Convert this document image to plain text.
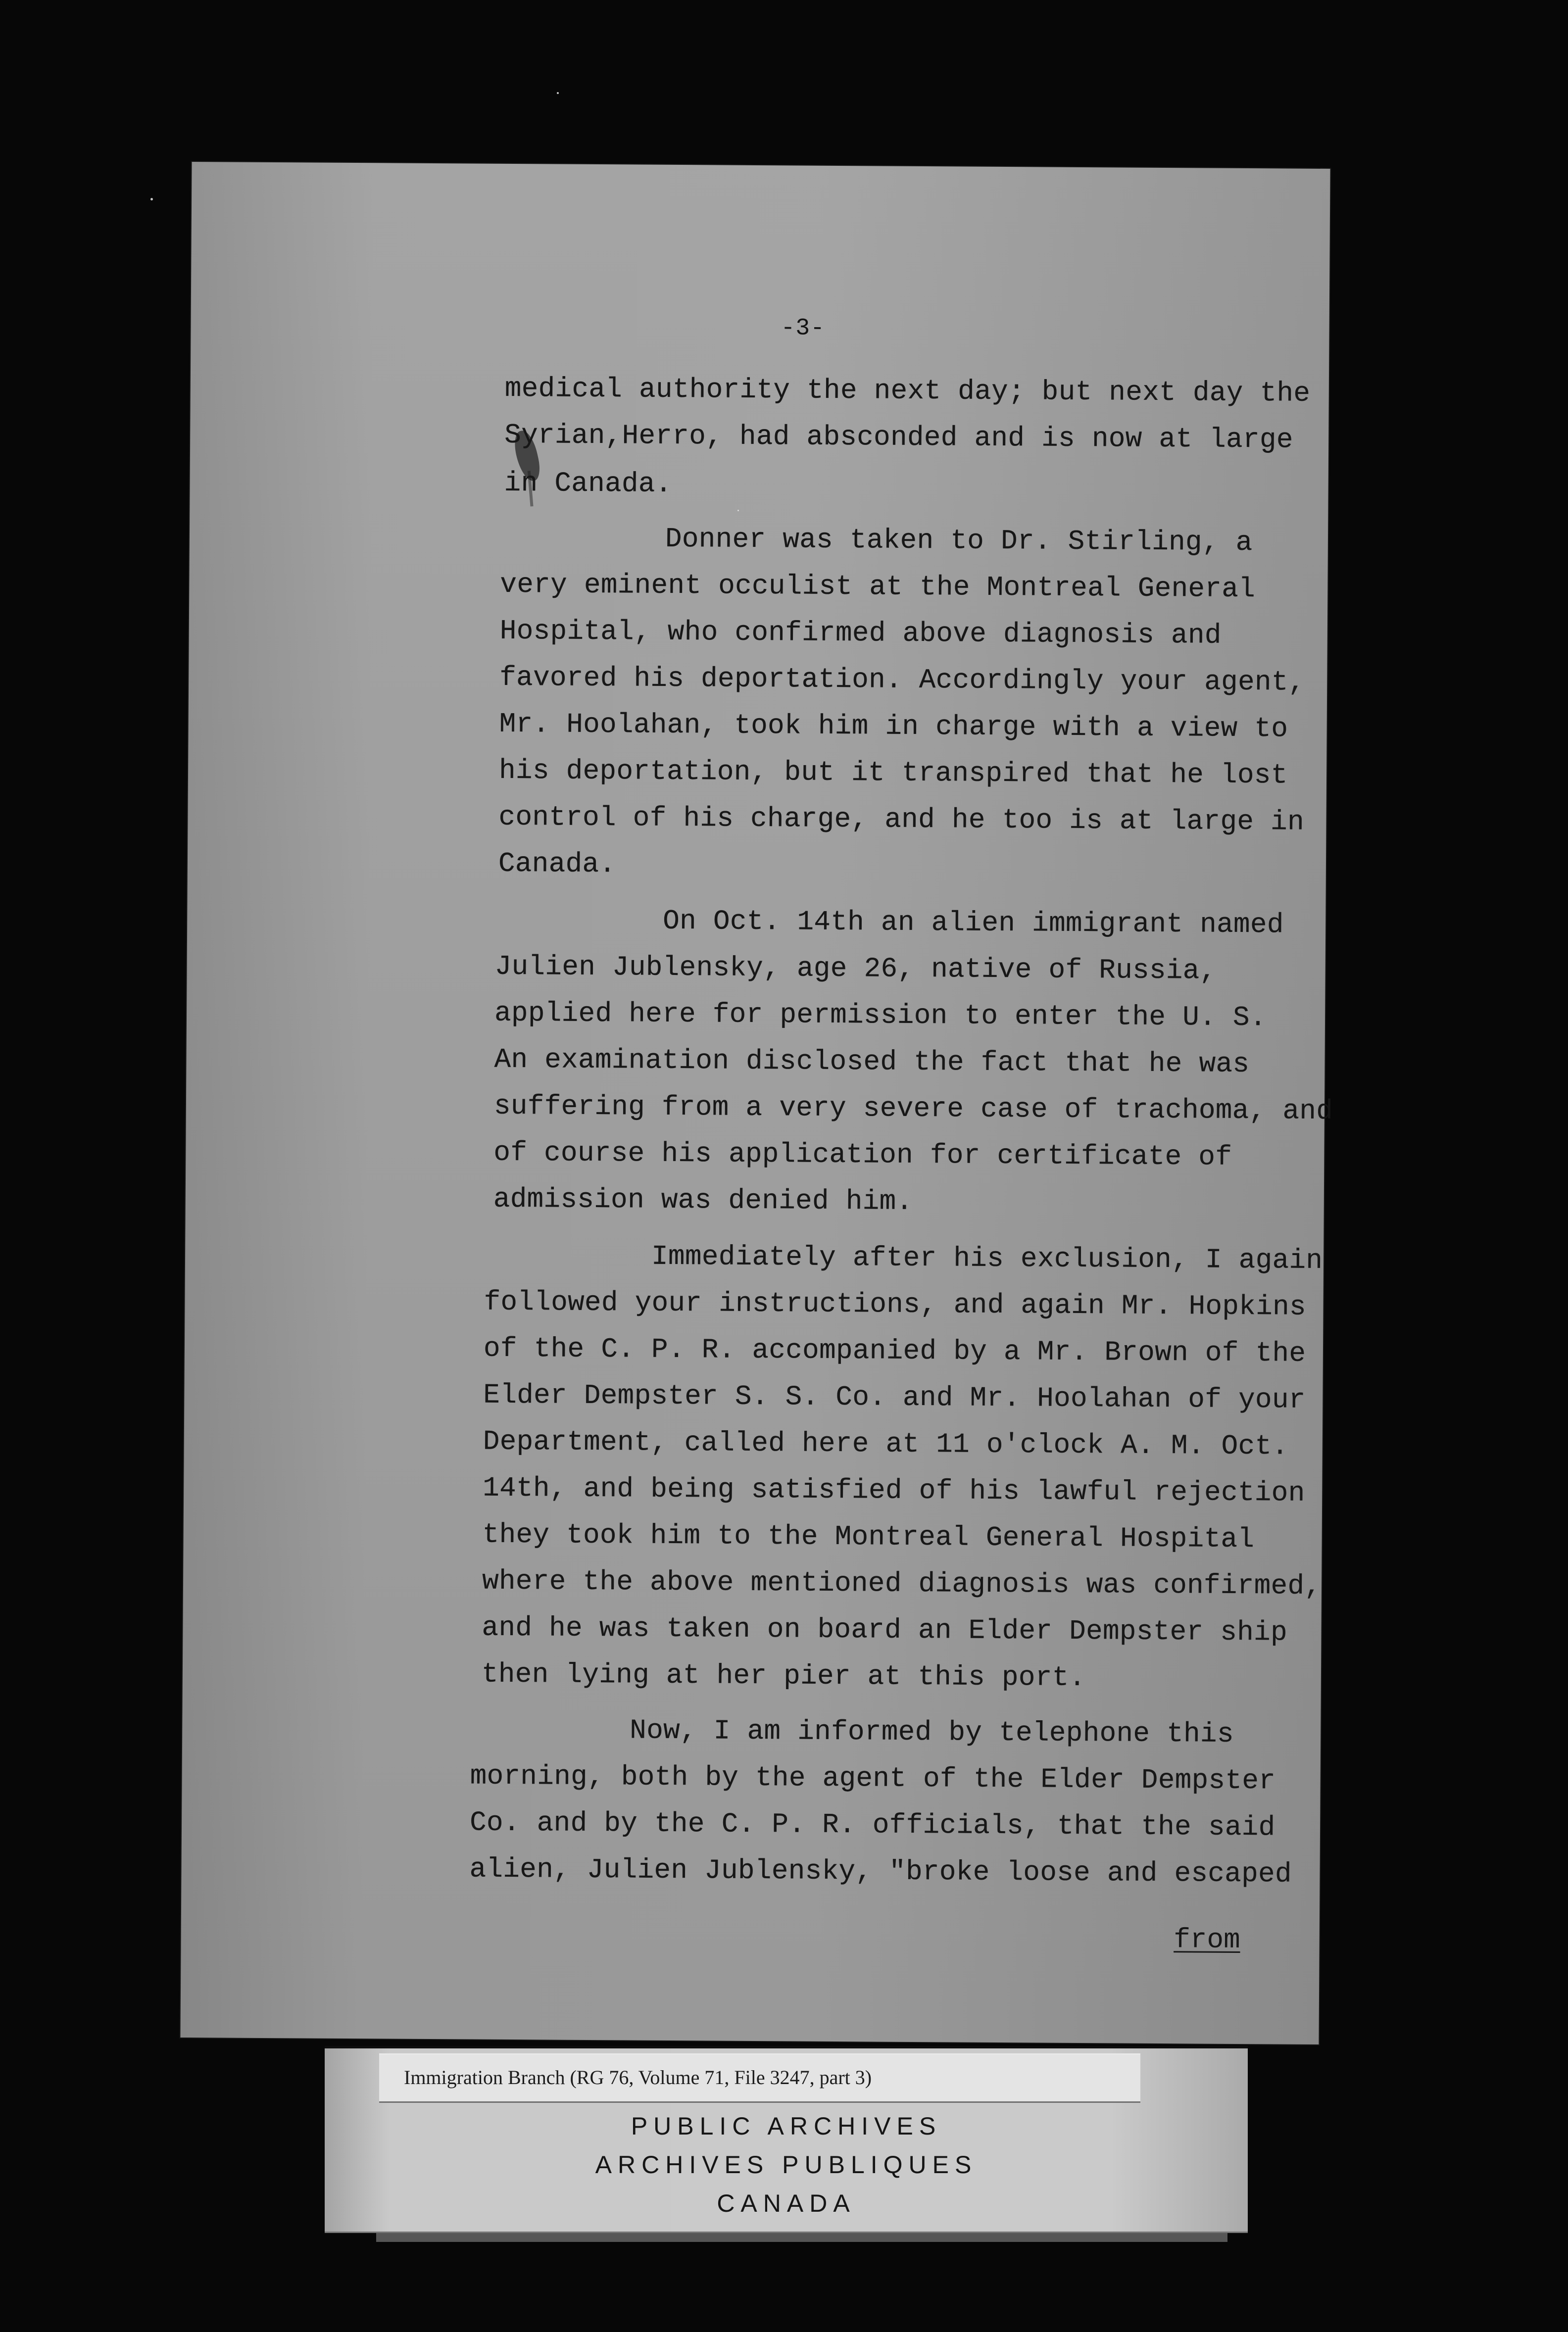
-3-

medical authority the next day; but next day the

Syrian,Herro, had absconded and is now at large

in Canada.

Donner was taken to Dr. Stirling, a

very eminent occulist at the Montreal General

Hospital, who confirmed above diagnosis and

favored his deportation. Accordingly your agent,

Mr. Hoolahan, took him in charge with a view to

his deportation, but it transpired that he lost

control of his charge, and he too is at large in

Canada.

On Oct. 14th an alien immigrant named

Julien Jublensky, age 26, native of Russia,

applied here for permission to enter the U. S.

An examination disclosed the fact that he was

suffering from a very severe case of trachoma, and

of course his application for certificate of

admission was denied him.

Immediately after his exclusion, I again

followed your instructions, and again Mr. Hopkins

of the C. P. R. accompanied by a Mr. Brown of the

Elder Dempster S. S. Co. and Mr. Hoolahan of your

Department, called here at 11 o'clock A. M. Oct.

14th, and being satisfied of his lawful rejection

they took him to the Montreal General Hospital

where the above mentioned diagnosis was confirmed,

and he was taken on board an Elder Dempster ship

then lying at her pier at this port.

Now, I am informed by telephone this

morning, both by the agent of the Elder Dempster

Co. and by the C. P. R. officials, that the said

alien, Julien Jublensky, "broke loose and escaped

from

Immigration Branch (RG 76, Volume 71, File 3247, part 3)

PUBLIC ARCHIVES

ARCHIVES PUBLIQUES

CANADA
